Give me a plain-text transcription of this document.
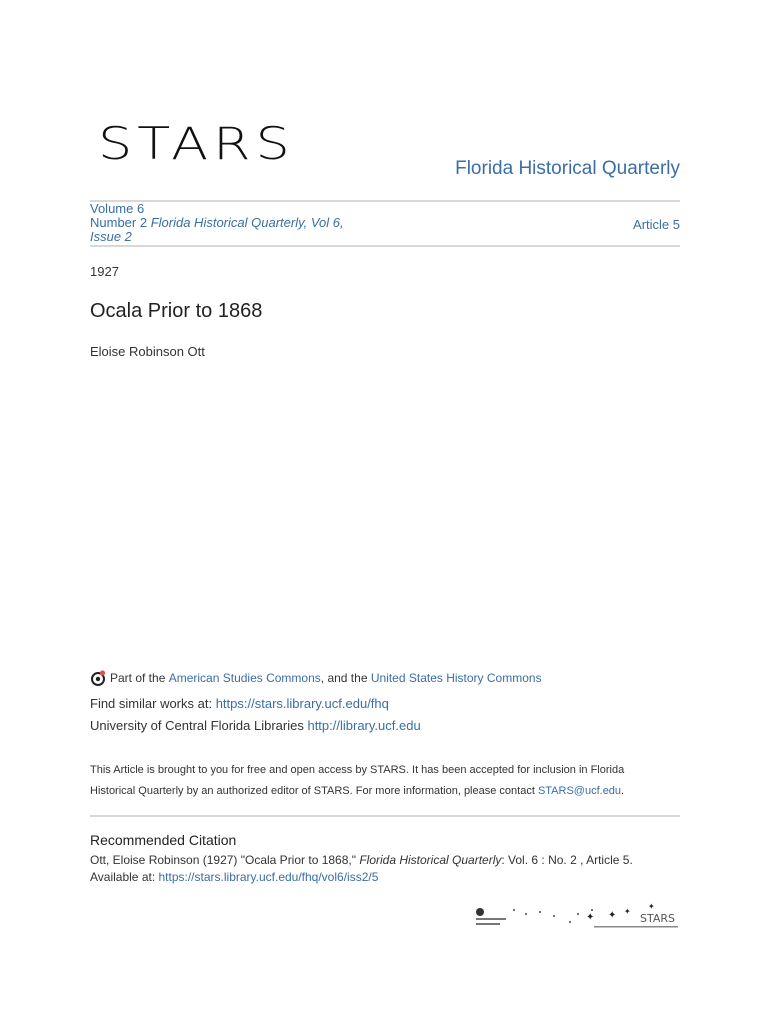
STARS	Florida Historical Quarterly
Volume 6
Number 2 Florida Historical Quarterly, Vol 6,
Issue 2
Article 5
1927
Ocala Prior to 1868
Eloise Robinson Ott
Part of the
American Studies Commons , and the
United States History Commons
Find similar works at: https://stars.library.ucf.edu/fhq
University of Central Florida Libraries http://library.ucf.edu
This Article is brought to you for free and open access by STARS. It has been accepted for inclusion in Florida
Historical Quarterly by an authorized editor of STARS. For more information, please contact STARS@ucf.edu.
Recommended Citation
Ott, Eloise Robinson (1927) "Ocala Prior to 1868," Florida Historical Quarterly: Vol. 6 : No. 2 , Article 5.
Available at: https://stars.library.ucf.edu/fhq/vol6/iss2/5
✦ ✦ ✦
✦
STARS
